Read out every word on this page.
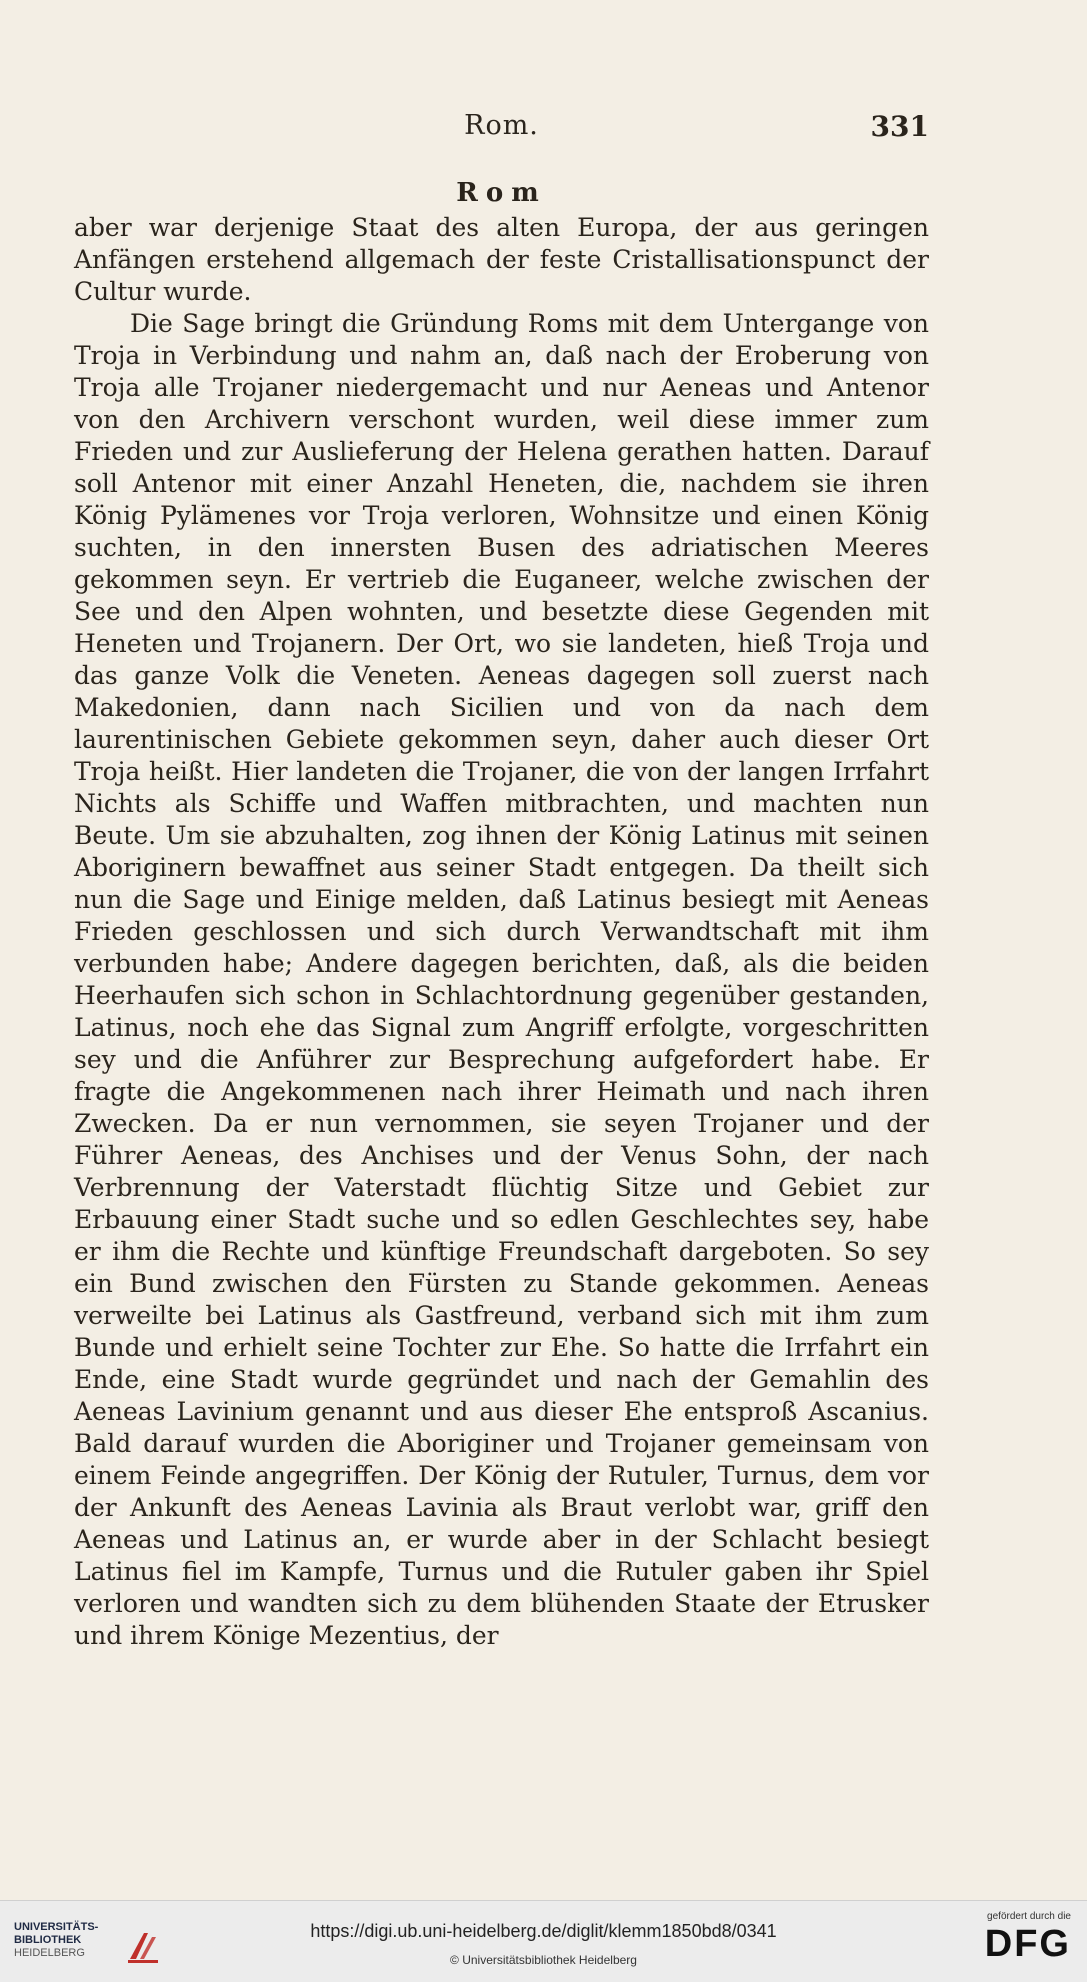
Rom.	331
Rom

aber war derjenige Staat des alten Europa, der aus geringen Anfängen erstehend allgemach der feste Cristallisationspunct der Cultur wurde.

Die Sage bringt die Gründung Roms mit dem Untergange von Troja in Verbindung und nahm an, daß nach der Eroberung von Troja alle Trojaner niedergemacht und nur Aeneas und Antenor von den Archivern verschont wurden, weil diese immer zum Frieden und zur Auslieferung der Helena gerathen hatten. Darauf soll Antenor mit einer Anzahl Heneten, die, nachdem sie ihren König Pylämenes vor Troja verloren, Wohnsitze und einen König suchten, in den innersten Busen des adriatischen Meeres gekommen seyn. Er vertrieb die Euganeer, welche zwischen der See und den Alpen wohnten, und besetzte diese Gegenden mit Heneten und Trojanern. Der Ort, wo sie landeten, hieß Troja und das ganze Volk die Veneten. Aeneas dagegen soll zuerst nach Makedonien, dann nach Sicilien und von da nach dem laurentinischen Gebiete gekommen seyn, daher auch dieser Ort Troja heißt. Hier landeten die Trojaner, die von der langen Irrfahrt Nichts als Schiffe und Waffen mitbrachten, und machten nun Beute. Um sie abzuhalten, zog ihnen der König Latinus mit seinen Aboriginern bewaffnet aus seiner Stadt entgegen. Da theilt sich nun die Sage und Einige melden, daß Latinus besiegt mit Aeneas Frieden geschlossen und sich durch Verwandtschaft mit ihm verbunden habe; Andere dagegen berichten, daß, als die beiden Heerhaufen sich schon in Schlachtordnung gegenüber gestanden, Latinus, noch ehe das Signal zum Angriff erfolgte, vorgeschritten sey und die Anführer zur Besprechung aufgefordert habe. Er fragte die Angekommenen nach ihrer Heimath und nach ihren Zwecken. Da er nun vernommen, sie seyen Trojaner und der Führer Aeneas, des Anchises und der Venus Sohn, der nach Verbrennung der Vaterstadt flüchtig Sitze und Gebiet zur Erbauung einer Stadt suche und so edlen Geschlechtes sey, habe er ihm die Rechte und künftige Freundschaft dargeboten. So sey ein Bund zwischen den Fürsten zu Stande gekommen. Aeneas verweilte bei Latinus als Gastfreund, verband sich mit ihm zum Bunde und erhielt seine Tochter zur Ehe. So hatte die Irrfahrt ein Ende, eine Stadt wurde gegründet und nach der Gemahlin des Aeneas Lavinium genannt und aus dieser Ehe entsproß Ascanius. Bald darauf wurden die Aboriginer und Trojaner gemeinsam von einem Feinde angegriffen. Der König der Rutuler, Turnus, dem vor der Ankunft des Aeneas Lavinia als Braut verlobt war, griff den Aeneas und Latinus an, er wurde aber in der Schlacht besiegt Latinus fiel im Kampfe, Turnus und die Rutuler gaben ihr Spiel verloren und wandten sich zu dem blühenden Staate der Etrusker und ihrem Könige Mezentius, der

UNIVERSITÄTS-
BIBLIOTHEK
HEIDELBERG
https://digi.ub.uni-heidelberg.de/diglit/klemm1850bd8/0341
© Universitätsbibliothek Heidelberg
gefördert durch die
DFG
